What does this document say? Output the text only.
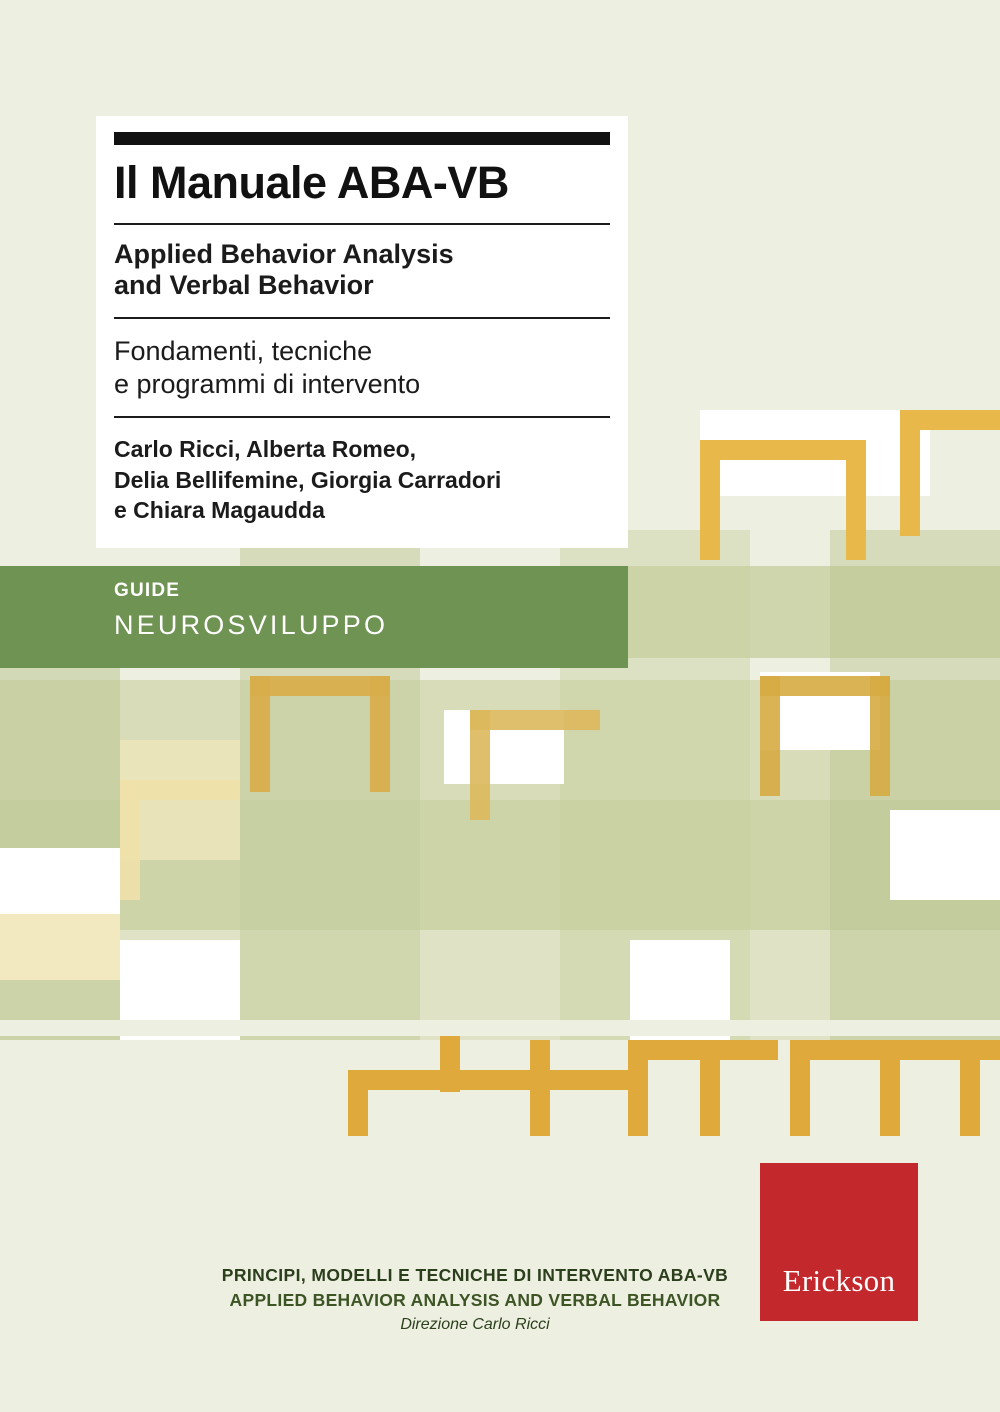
Il Manuale ABA-VB
Applied Behavior Analysis
and Verbal Behavior
Fondamenti, tecniche
e programmi di intervento
Carlo Ricci, Alberta Romeo,
Delia Bellifemine, Giorgia Carradori
e Chiara Magaudda
GUIDE
NEUROSVILUPPO
PRINCIPI, MODELLI E TECNICHE DI INTERVENTO ABA-VB
APPLIED BEHAVIOR ANALYSIS AND VERBAL BEHAVIOR
Direzione Carlo Ricci
Erickson
